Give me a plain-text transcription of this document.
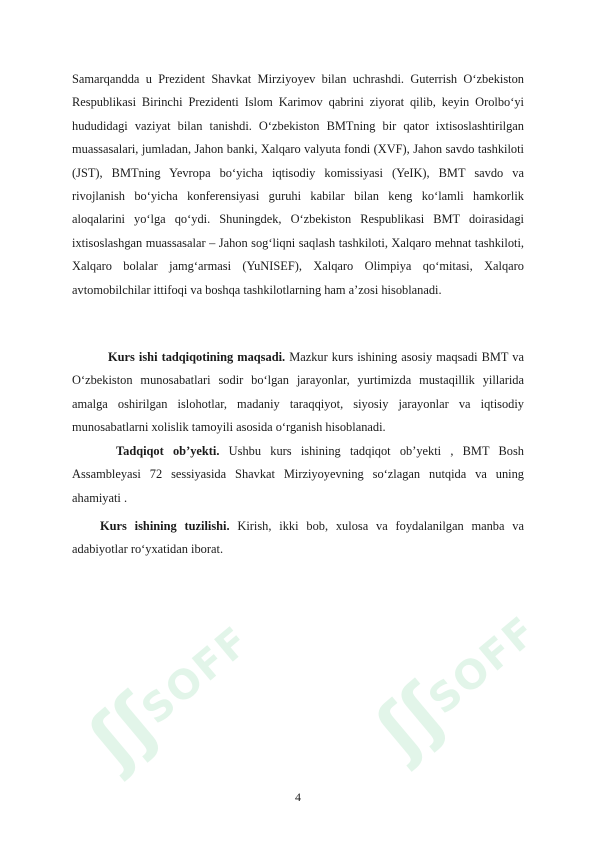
ʃʃ
SOFF ʃʃ
SOFF

Samarqandda u Prezident Shavkat Mirziyoyev bilan uchrashdi. Guterrish O‘zbekiston Respublikasi Birinchi Prezidenti Islom Karimov qabrini ziyorat qilib, keyin Orolbo‘yi hududidagi vaziyat bilan tanishdi. O‘zbekiston BMTning bir qator ixtisoslashtirilgan muassasalari, jumladan, Jahon banki, Xalqaro valyuta fondi (XVF), Jahon savdo tashkiloti (JST), BMTning Yevropa bo‘yicha iqtisodiy komissiyasi (YeIK), BMT savdo va rivojlanish bo‘yicha konferensiyasi guruhi kabilar bilan keng ko‘lamli hamkorlik aloqalarini yo‘lga qo‘ydi. Shuningdek, O‘zbekiston Respublikasi BMT doirasidagi ixtisoslashgan muassasalar – Jahon sog‘liqni saqlash tashkiloti, Xalqaro mehnat tashkiloti, Xalqaro bolalar jamg‘armasi (YuNISEF), Xalqaro Olimpiya qo‘mitasi, Xalqaro avtomobilchilar ittifoqi va boshqa tashkilotlarning ham a’zosi hisoblanadi.

Kurs ishi tadqiqotining maqsadi. Mazkur kurs ishining asosiy maqsadi BMT va O‘zbekiston munosabatlari sodir bo‘lgan jarayonlar, yurtimizda mustaqillik yillarida amalga oshirilgan islohotlar, madaniy taraqqiyot, siyosiy jarayonlar va iqtisodiy munosabatlarni xolislik tamoyili asosida o‘rganish hisoblanadi.

Tadqiqot ob’yekti. Ushbu kurs ishining tadqiqot ob’yekti , BMT Bosh Assambleyasi 72 sessiyasida Shavkat Mirziyoyevning so‘zlagan nutqida va uning ahamiyati .

Kurs ishining tuzilishi. Kirish, ikki bob, xulosa va foydalanilgan manba va adabiyotlar ro‘yxatidan iborat.

4
